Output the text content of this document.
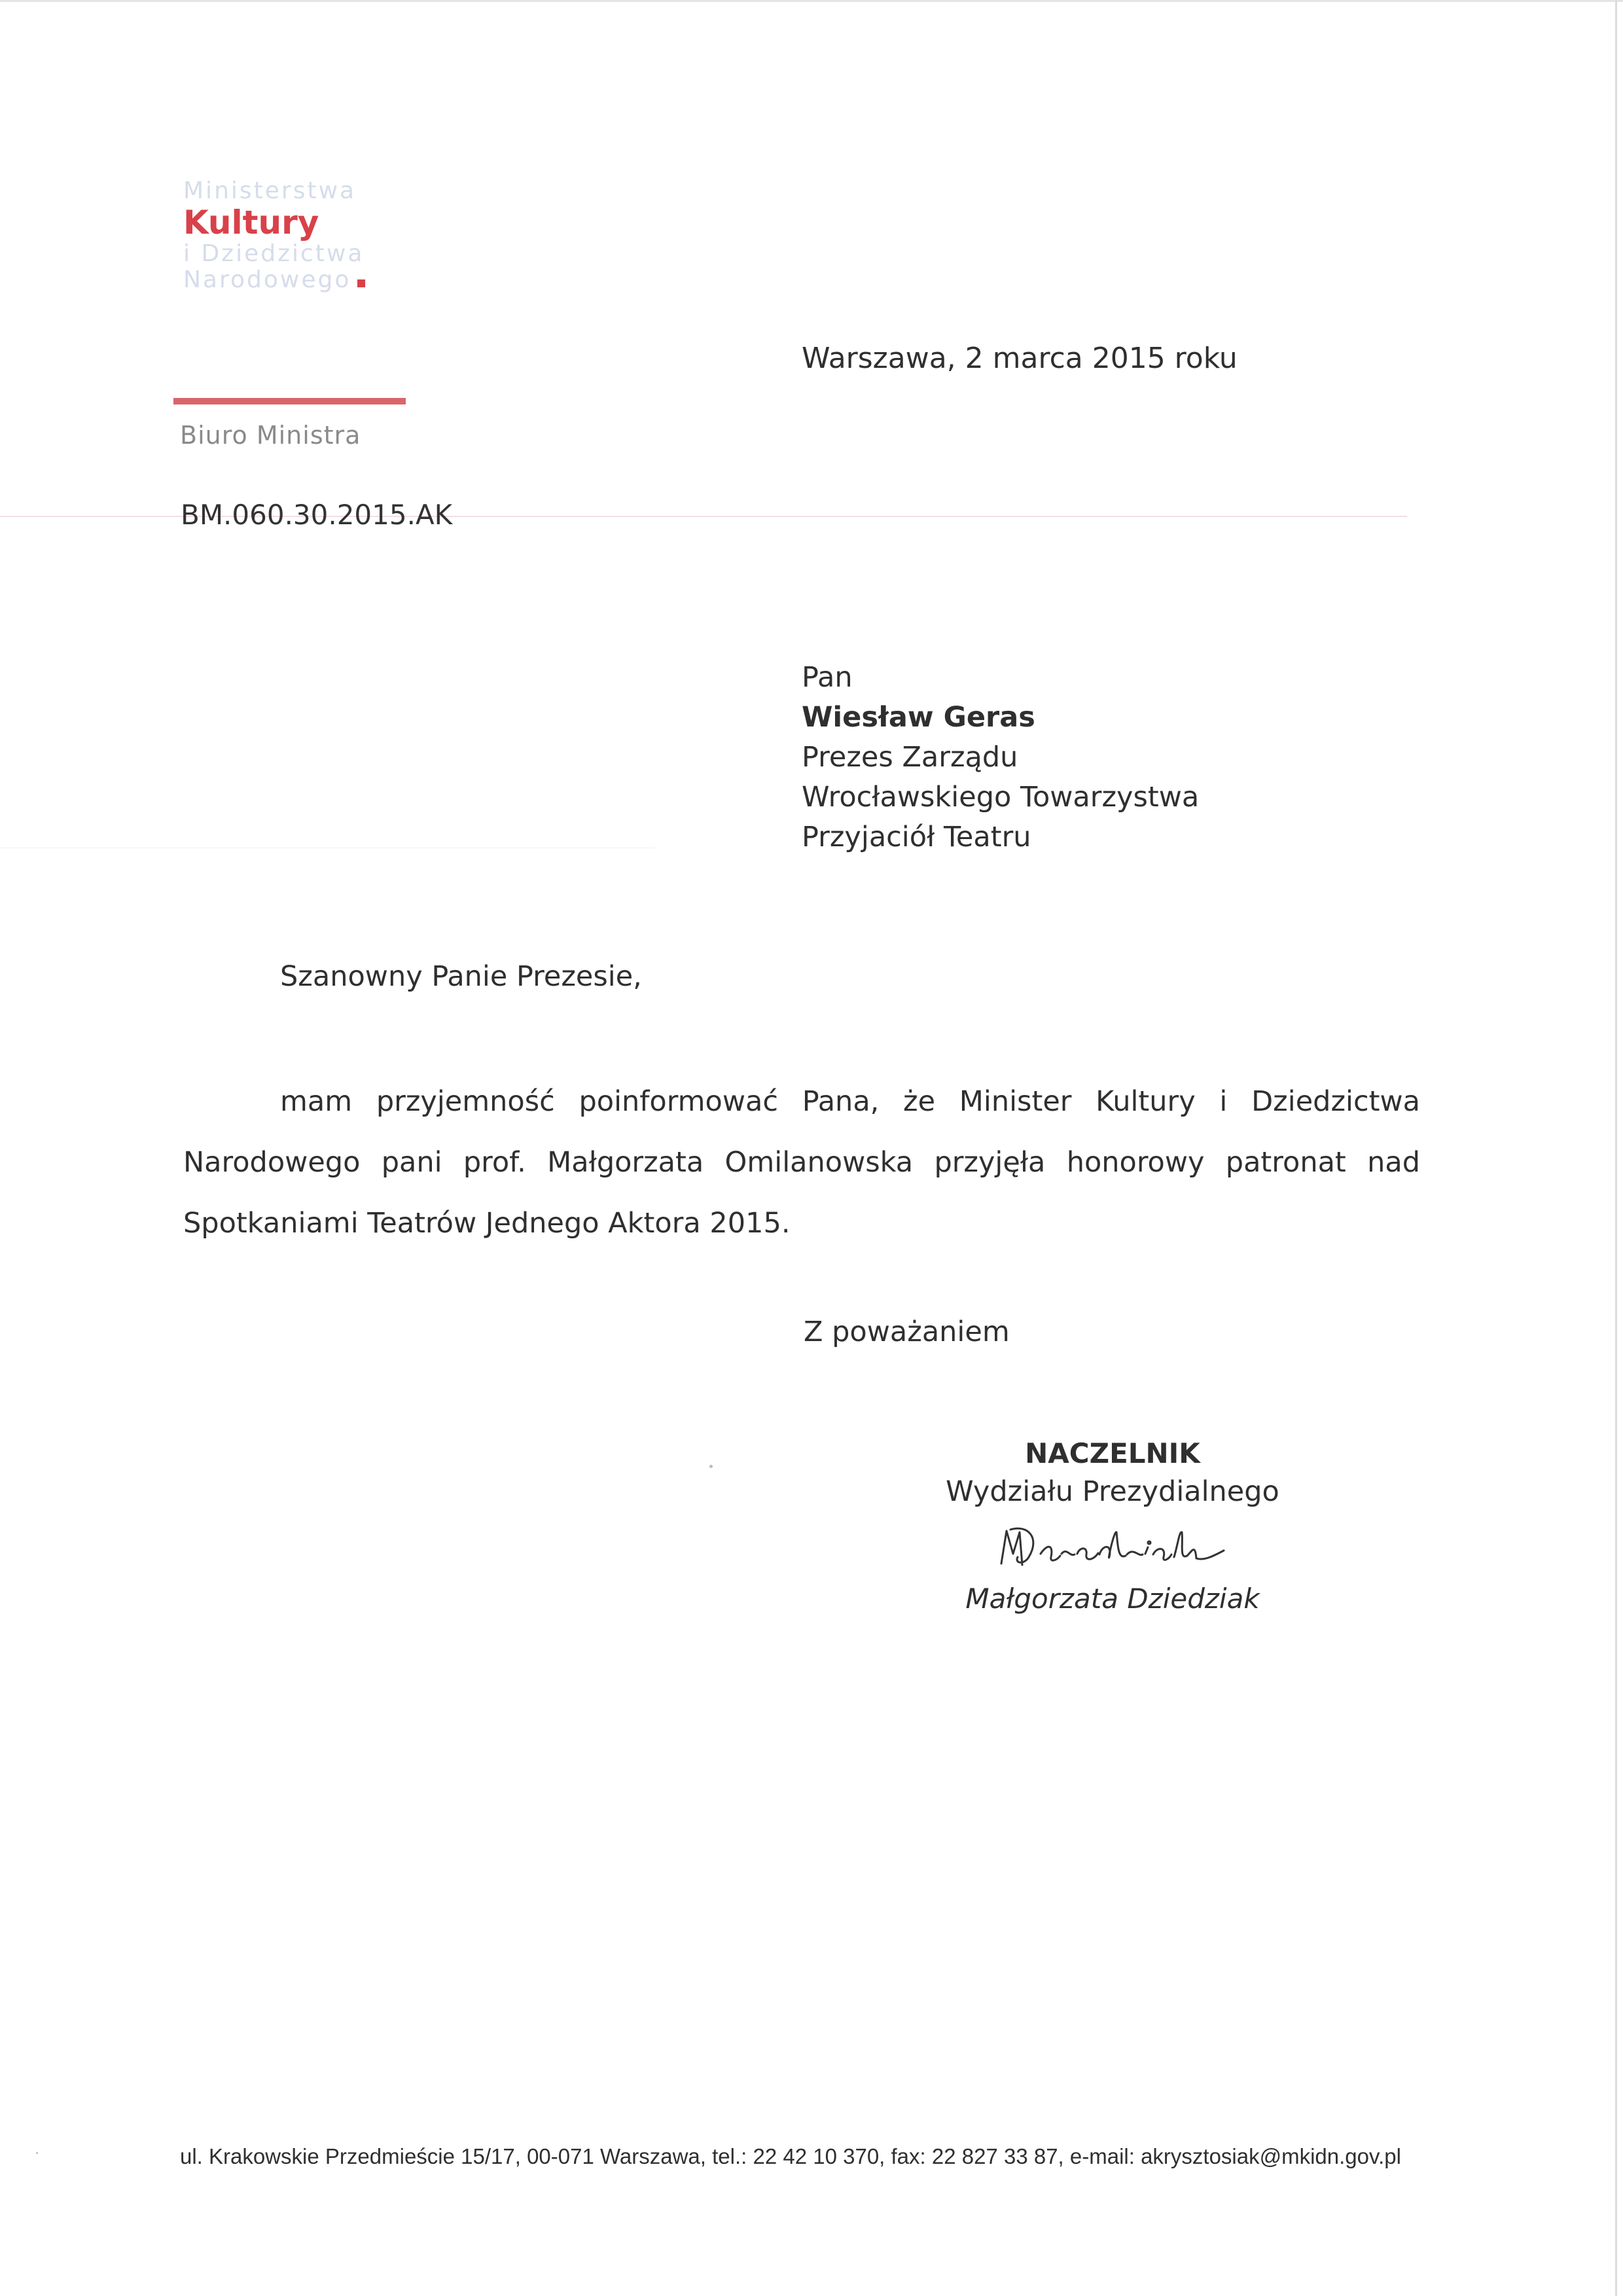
Ministerstwa
Kultury
i Dziedzictwa
Narodowego
Biuro Ministra
BM.060.30.2015.AK
Warszawa, 2 marca 2015 roku
Pan
Wiesław Geras
Prezes Zarządu
Wrocławskiego Towarzystwa
Przyjaciół Teatru
Szanowny Panie Prezesie,
mam przyjemność poinformować Pana, że Minister Kultury i Dziedzictwa Narodowego pani prof. Małgorzata Omilanowska przyjęła honorowy patronat nad Spotkaniami Teatrów Jednego Aktora 2015.
Z poważaniem
NACZELNIK
Wydziału Prezydialnego
Małgorzata Dziedziak
ul. Krakowskie Przedmieście 15/17, 00-071 Warszawa, tel.: 22 42 10 370, fax: 22 827 33 87, e-mail: akrysztosiak@mkidn.gov.pl
